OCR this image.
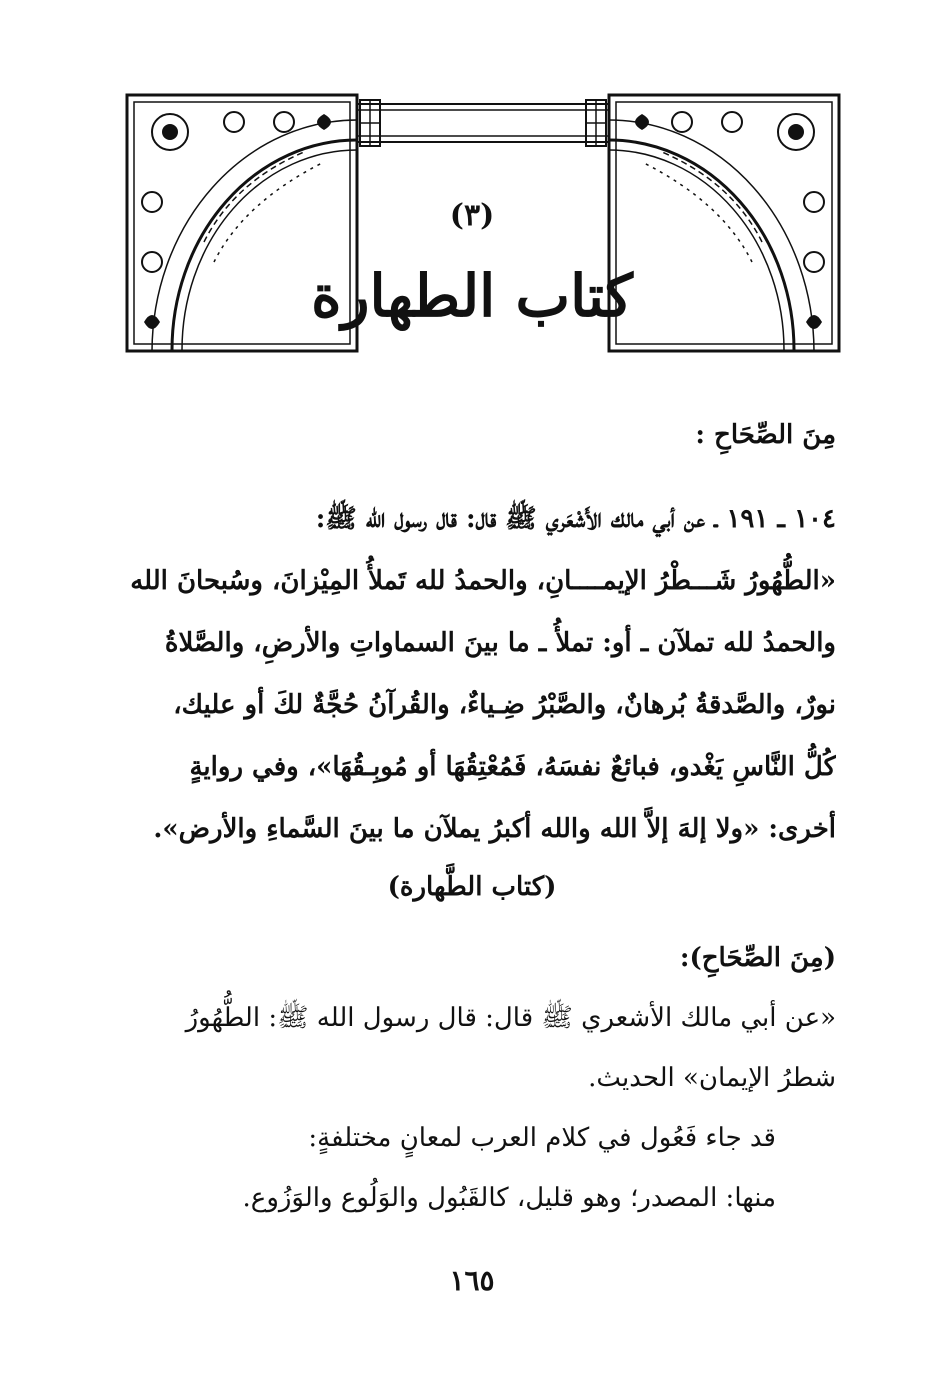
(٣)
كتاب الطهارة
مِنَ الصِّحَاحِ :
١٠٤ ـ ١٩١ ـ عن أبي مالك الأَشْعَري ﷺ قال: قال رسول الله ﷺ:
«الطُّهُورُ شَـــطْرُ الإيمــــانِ، والحمدُ لله تَملأُ المِيْزانَ، وسُبحانَ الله
والحمدُ لله تملآن ـ أو: تملأُ ـ ما بينَ السماواتِ والأرضِ، والصَّلاةُ
نورٌ، والصَّدقةُ بُرهانٌ، والصَّبْرُ ضِـياءٌ، والقُرآنُ حُجَّةٌ لكَ أو عليك،
كُلُّ النَّاسِ يَغْدو، فبائعٌ نفسَهُ، فَمُعْتِقُهَا أو مُوبِـقُهَا»، وفي روايةٍ
أخرى: «ولا إلهَ إلاَّ الله والله أكبرُ يملآن ما بينَ السَّماءِ والأرض».
(كتاب الطَّهارة)
(مِنَ الصِّحَاحِ):
«عن أبي مالك الأشعري ﷺ قال: قال رسول الله ﷺ: الطُّهُورُ
شطرُ الإيمان» الحديث.
قد جاء فَعُول في كلام العرب لمعانٍ مختلفةٍ:
منها: المصدر؛ وهو قليل، كالقَبُول والوَلُوع والوَزُوع.
١٦٥
